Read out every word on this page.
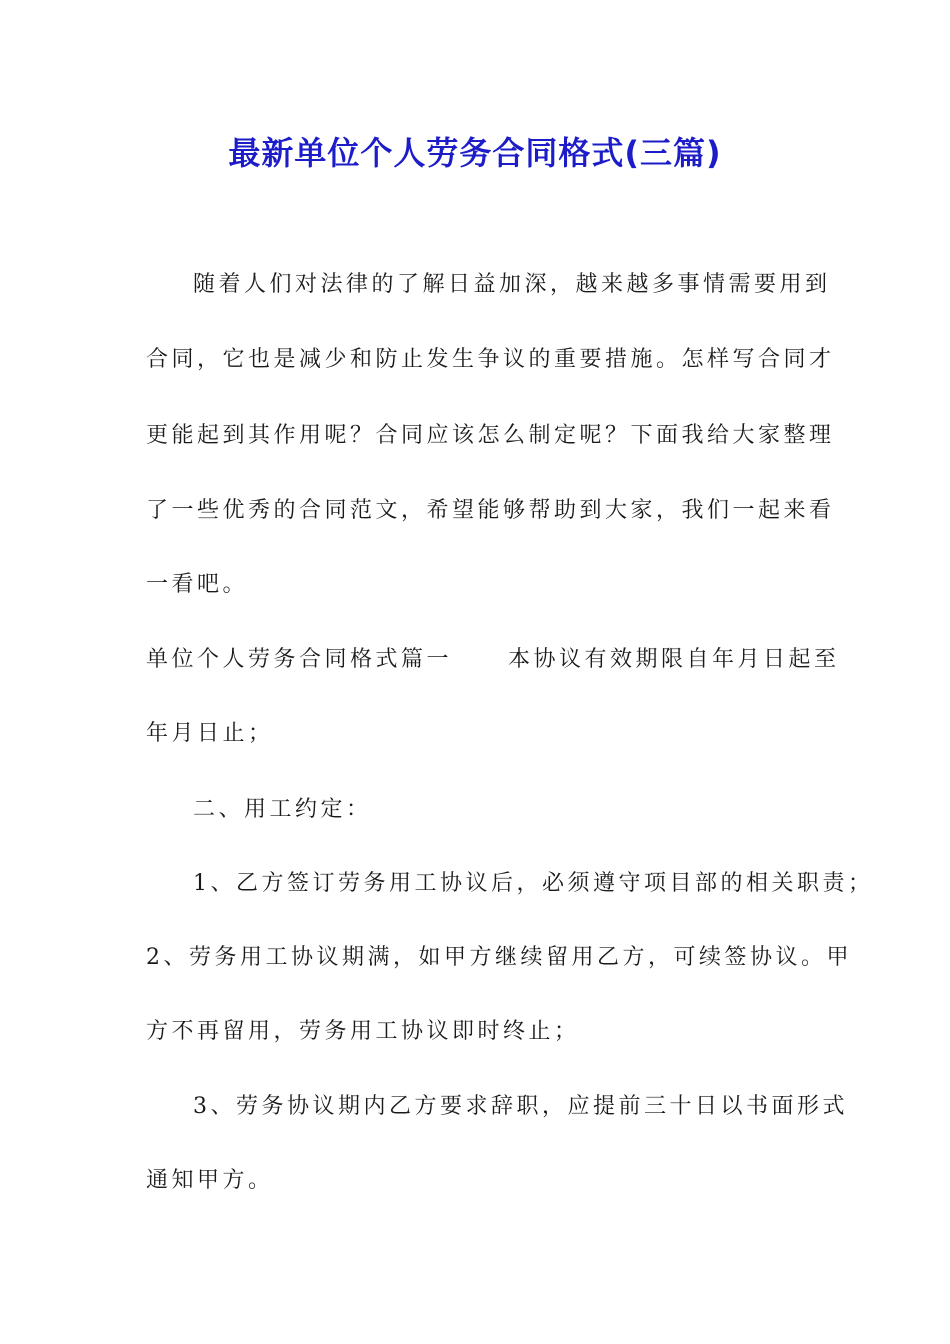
最新单位个人劳务合同格式(三篇)
随着人们对法律的了解日益加深，越来越多事情需要用到
合同，它也是减少和防止发生争议的重要措施。怎样写合同才
更能起到其作用呢？合同应该怎么制定呢？下面我给大家整理
了一些优秀的合同范文，希望能够帮助到大家，我们一起来看
一看吧。
单位个人劳务合同格式篇一	本协议有效期限自年月日起至
年月日止；
二、用工约定：
1、乙方签订劳务用工协议后，必须遵守项目部的相关职责；
2、劳务用工协议期满，如甲方继续留用乙方，可续签协议。甲
方不再留用，劳务用工协议即时终止；
3、劳务协议期内乙方要求辞职，应提前三十日以书面形式
通知甲方。
